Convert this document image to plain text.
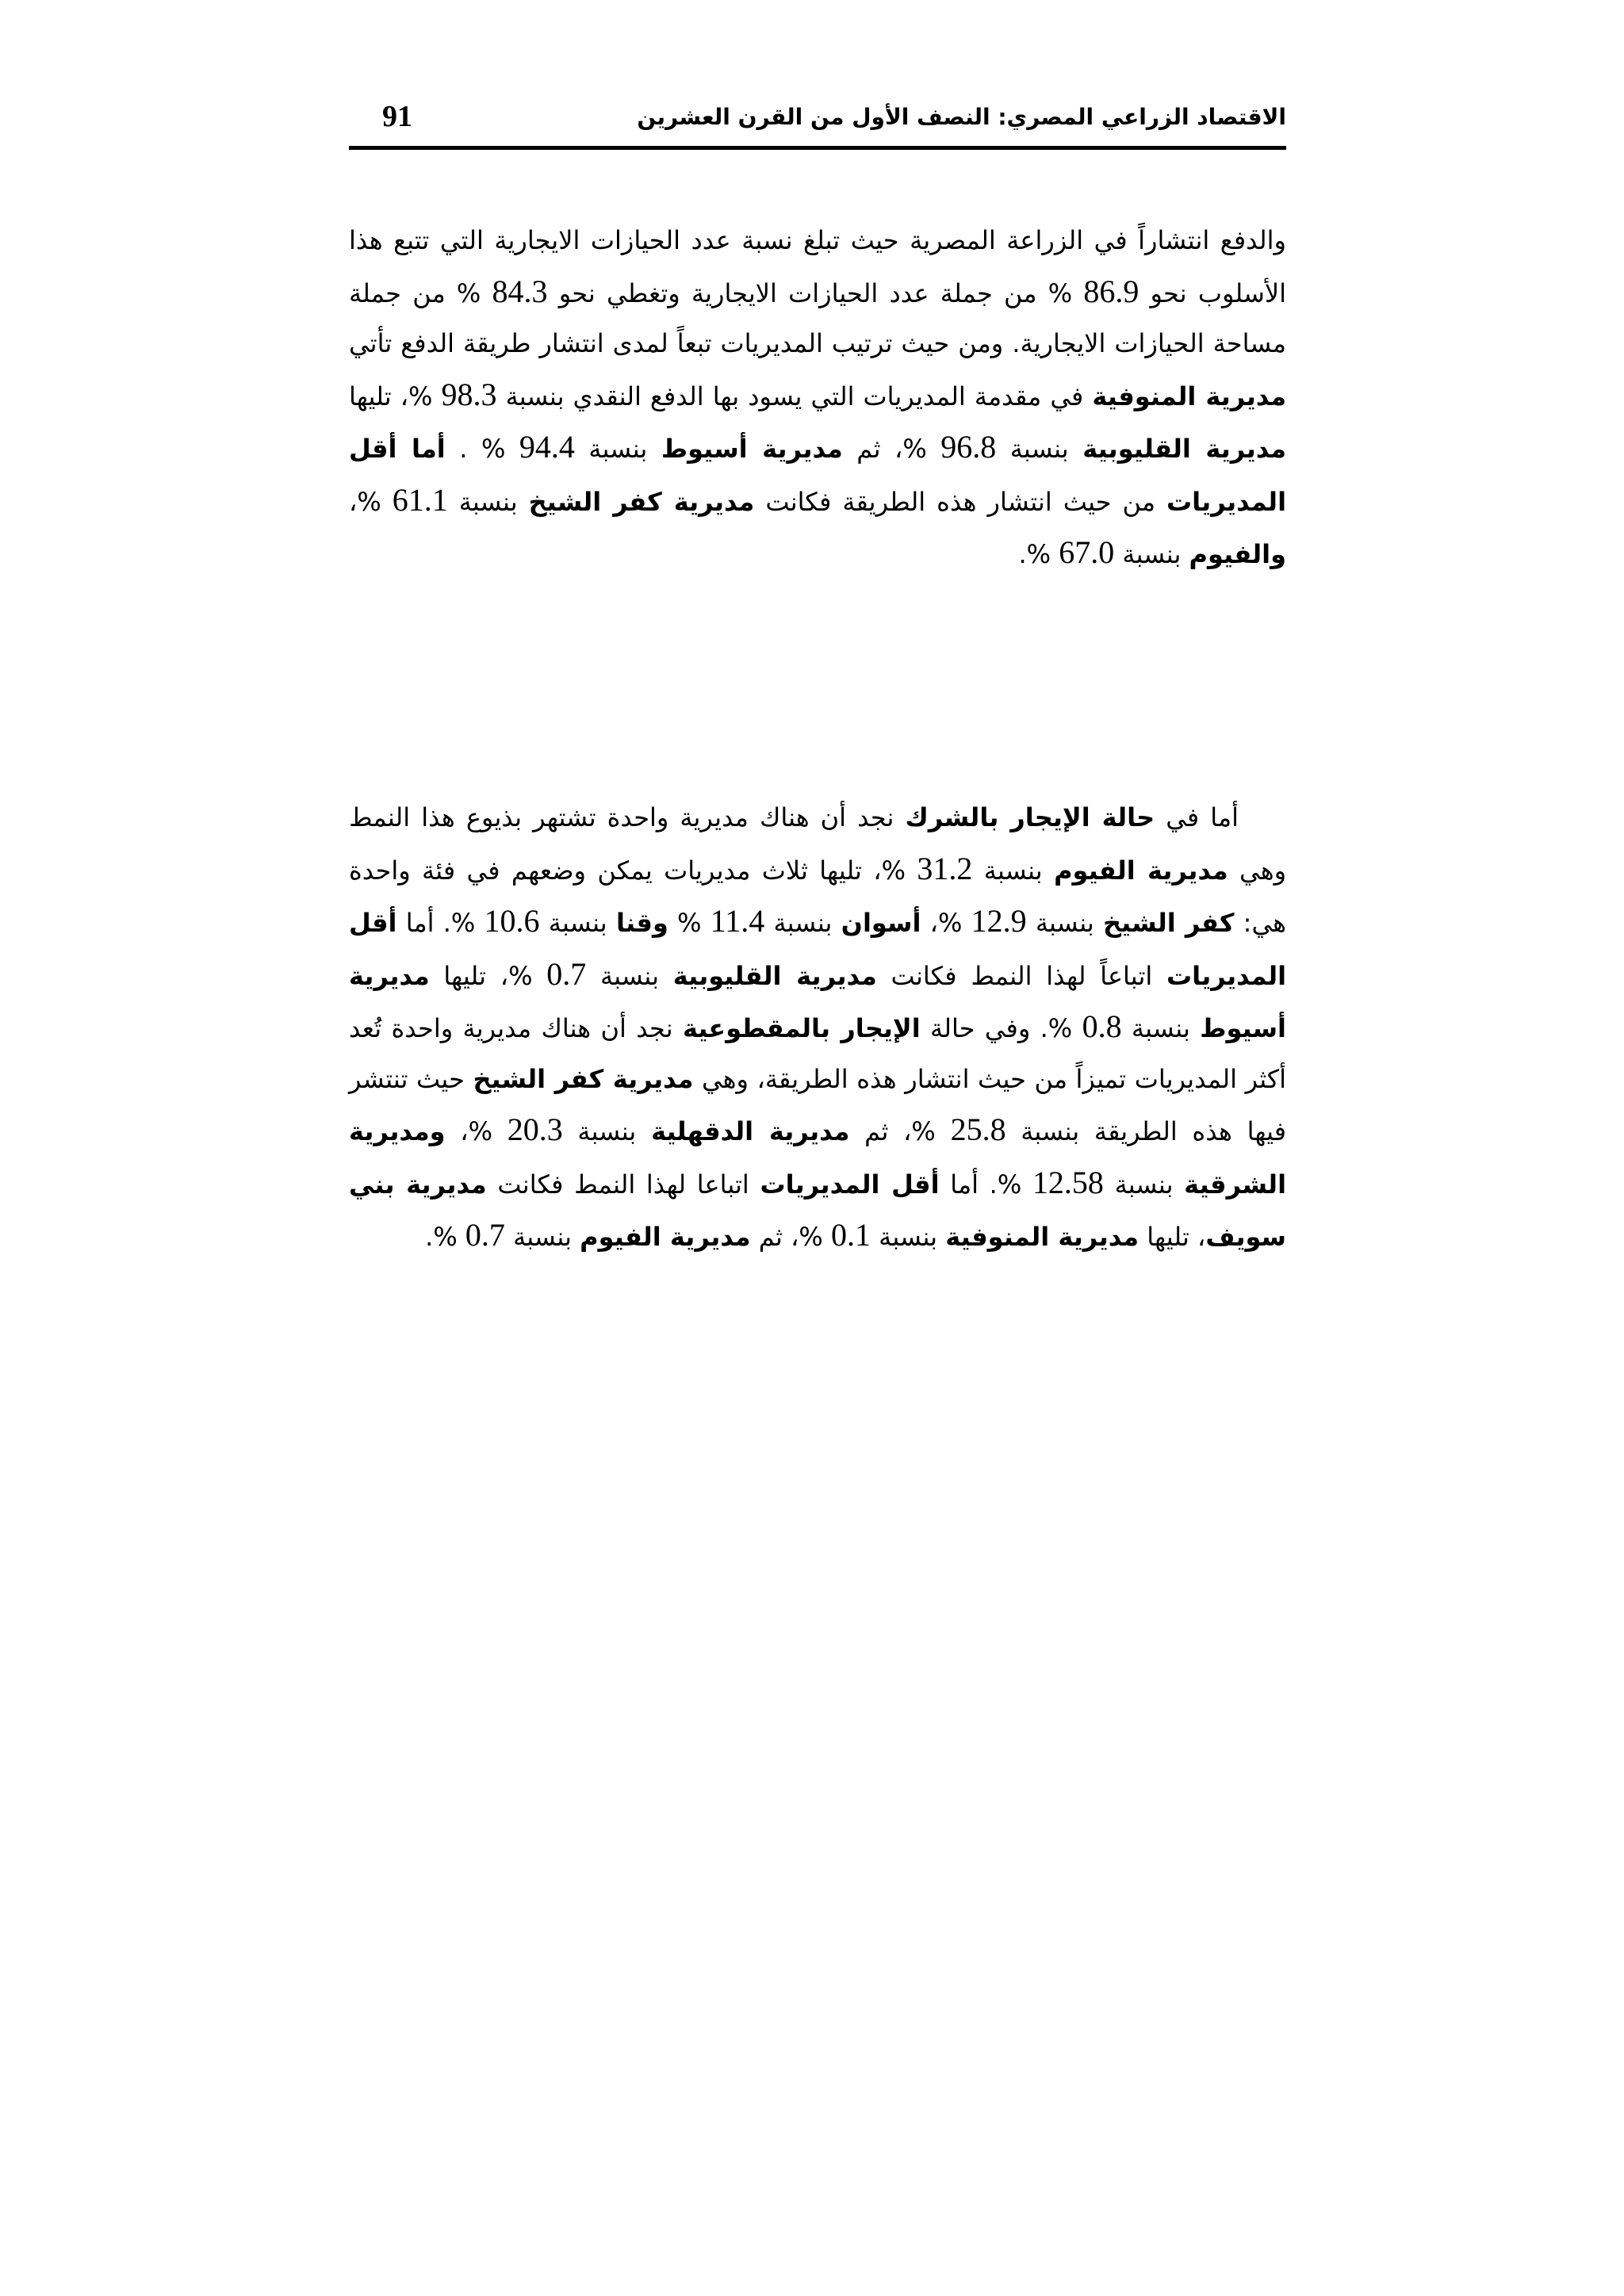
الاقتصاد الزراعي المصري: النصف الأول من القرن العشرين
91

والدفع انتشاراً في الزراعة المصرية حيث تبلغ نسبة عدد الحيازات الايجارية التي تتبع هذا الأسلوب نحو 86.9 % من جملة عدد الحيازات الايجارية وتغطي نحو 84.3 % من جملة مساحة الحيازات الايجارية. ومن حيث ترتيب المديريات تبعاً لمدى انتشار طريقة الدفع تأتي مديرية المنوفية في مقدمة المديريات التي يسود بها الدفع النقدي بنسبة 98.3 %، تليها مديرية القليوبية بنسبة 96.8 %، ثم مديرية أسيوط بنسبة 94.4 % . أما أقل المديريات من حيث انتشار هذه الطريقة فكانت مديرية كفر الشيخ بنسبة 61.1 %، والفيوم بنسبة 67.0 %.

أما في حالة الإيجار بالشرك نجد أن هناك مديرية واحدة تشتهر بذيوع هذا النمط وهي مديرية الفيوم بنسبة 31.2 %، تليها ثلاث مديريات يمكن وضعهم في فئة واحدة هي: كفر الشيخ بنسبة 12.9 %، أسوان بنسبة 11.4 % وقنا بنسبة 10.6 %. أما أقل المديريات اتباعاً لهذا النمط فكانت مديرية القليوبية بنسبة 0.7 %، تليها مديرية أسيوط بنسبة 0.8 %. وفي حالة الإيجار بالمقطوعية نجد أن هناك مديرية واحدة تُعد أكثر المديريات تميزاً من حيث انتشار هذه الطريقة، وهي مديرية كفر الشيخ حيث تنتشر فيها هذه الطريقة بنسبة 25.8 %، ثم مديرية الدقهلية بنسبة 20.3 %، ومديرية الشرقية بنسبة 12.58 %. أما أقل المديريات اتباعا لهذا النمط فكانت مديرية بني سويف، تليها مديرية المنوفية بنسبة 0.1 %، ثم مديرية الفيوم بنسبة 0.7 %.
